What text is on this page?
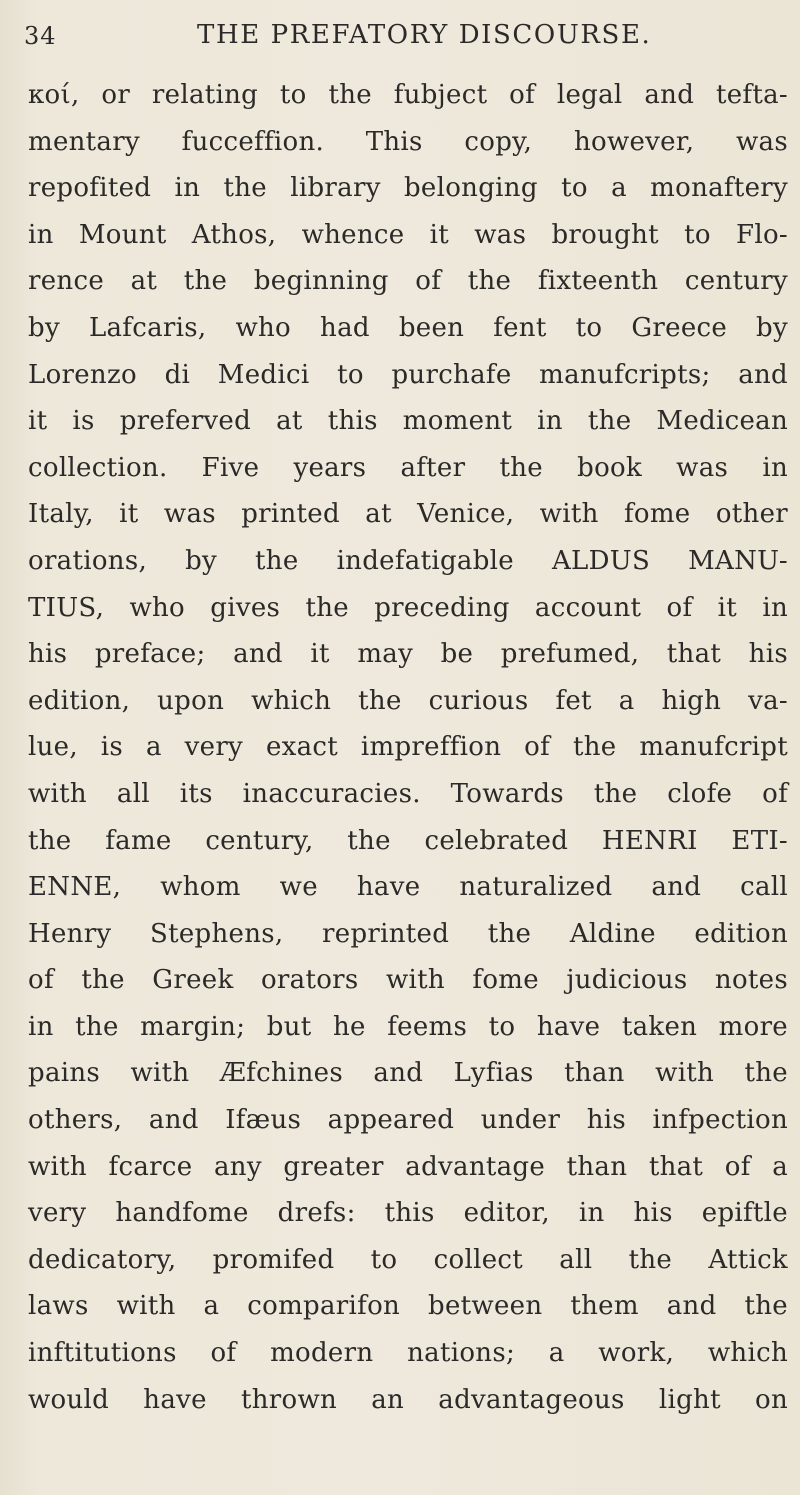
34	THE PREFATORY DISCOURSE.
κοί, or relating to the fubject of legal and tefta-
mentary fucceffion. This copy, however, was
repofited in the library belonging to a monaftery
in Mount Athos, whence it was brought to Flo-
rence at the beginning of the fixteenth century
by Lafcaris, who had been fent to Greece by
Lorenzo di Medici to purchafe manufcripts; and
it is preferved at this moment in the Medicean
collection. Five years after the book was in
Italy, it was printed at Venice, with fome other
orations, by the indefatigable ALDUS MANU-
TIUS, who gives the preceding account of it in
his preface; and it may be prefumed, that his
edition, upon which the curious fet a high va-
lue, is a very exact impreffion of the manufcript
with all its inaccuracies. Towards the clofe of
the fame century, the celebrated HENRI ETI-
ENNE, whom we have naturalized and call
Henry Stephens, reprinted the Aldine edition
of the Greek orators with fome judicious notes
in the margin; but he feems to have taken more
pains with Æfchines and Lyfias than with the
others, and Ifæus appeared under his infpection
with fcarce any greater advantage than that of a
very handfome drefs: this editor, in his epiftle
dedicatory, promifed to collect all the Attick
laws with a comparifon between them and the
inftitutions of modern nations; a work, which
would have thrown an advantageous light on
